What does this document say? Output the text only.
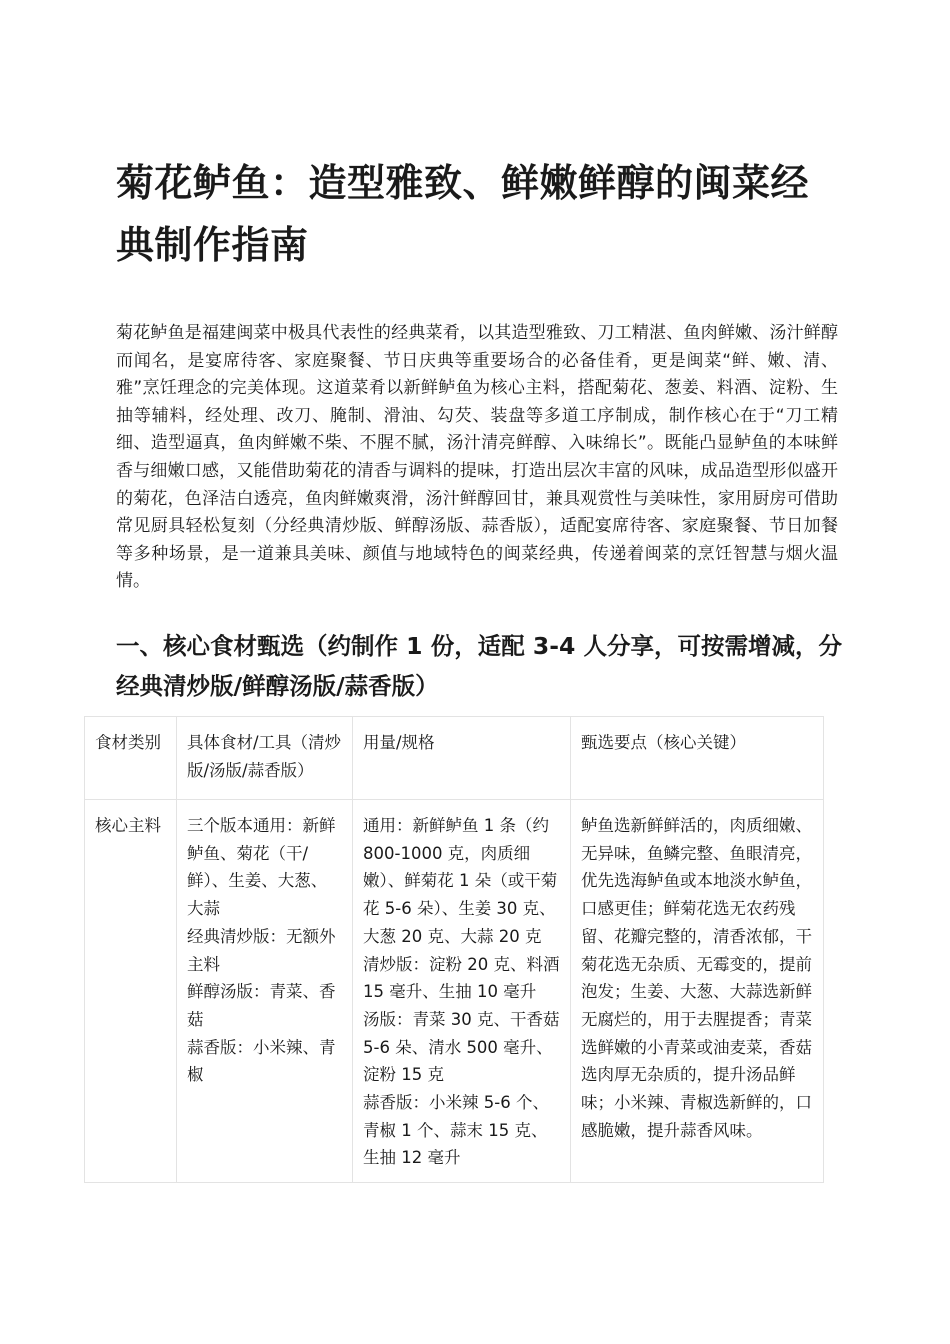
菊花鲈鱼：造型雅致、鲜嫩鲜醇的闽菜经典制作指南

菊花鲈鱼是福建闽菜中极具代表性的经典菜肴，以其造型雅致、刀工精湛、鱼肉鲜嫩、汤汁鲜醇而闻名，是宴席待客、家庭聚餐、节日庆典等重要场合的必备佳肴，更是闽菜“鲜、嫩、清、雅”烹饪理念的完美体现。这道菜肴以新鲜鲈鱼为核心主料，搭配菊花、葱姜、料酒、淀粉、生抽等辅料，经处理、改刀、腌制、滑油、勾芡、装盘等多道工序制成，制作核心在于“刀工精细、造型逼真，鱼肉鲜嫩不柴、不腥不腻，汤汁清亮鲜醇、入味绵长”。既能凸显鲈鱼的本味鲜香与细嫩口感，又能借助菊花的清香与调料的提味，打造出层次丰富的风味，成品造型形似盛开的菊花，色泽洁白透亮，鱼肉鲜嫩爽滑，汤汁鲜醇回甘，兼具观赏性与美味性，家用厨房可借助常见厨具轻松复刻（分经典清炒版、鲜醇汤版、蒜香版），适配宴席待客、家庭聚餐、节日加餐等多种场景，是一道兼具美味、颜值与地域特色的闽菜经典，传递着闽菜的烹饪智慧与烟火温情。

一、核心食材甄选（约制作 1 份，适配 3-4 人分享，可按需增减，分经典清炒版/鲜醇汤版/蒜香版）
食材类别	具体食材/工具（清炒版/汤版/蒜香版）	用量/规格	甄选要点（核心关键）
核心主料	三个版本通用：新鲜鲈鱼、菊花（干/鲜）、生姜、大葱、大蒜
经典清炒版：无额外主料
鲜醇汤版：青菜、香菇
蒜香版：小米辣、青椒	通用：新鲜鲈鱼 1 条（约 800-1000 克，肉质细嫩）、鲜菊花 1 朵（或干菊花 5-6 朵）、生姜 30 克、大葱 20 克、大蒜 20 克
清炒版：淀粉 20 克、料酒 15 毫升、生抽 10 毫升
汤版：青菜 30 克、干香菇 5-6 朵、清水 500 毫升、淀粉 15 克
蒜香版：小米辣 5-6 个、青椒 1 个、蒜末 15 克、生抽 12 毫升	鲈鱼选新鲜鲜活的，肉质细嫩、无异味，鱼鳞完整、鱼眼清亮，优先选海鲈鱼或本地淡水鲈鱼，口感更佳；鲜菊花选无农药残留、花瓣完整的，清香浓郁，干菊花选无杂质、无霉变的，提前泡发；生姜、大葱、大蒜选新鲜无腐烂的，用于去腥提香；青菜选鲜嫩的小青菜或油麦菜，香菇选肉厚无杂质的，提升汤品鲜味；小米辣、青椒选新鲜的，口感脆嫩，提升蒜香风味。
